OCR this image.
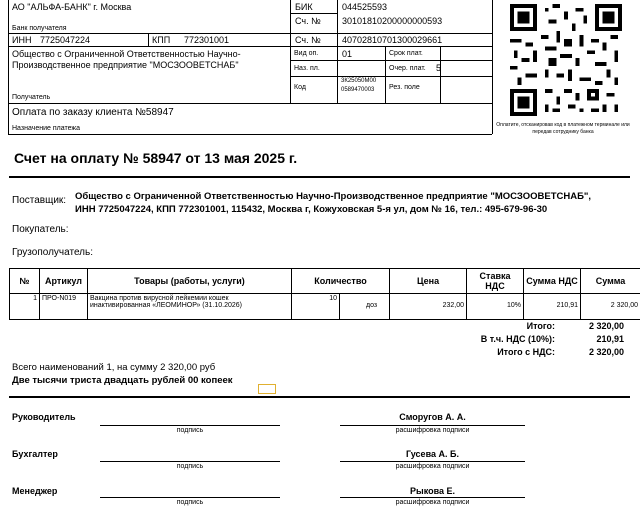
АО "АЛЬФА-БАНК" г. Москва
Банк получателя
БИК	044525593
Сч. № 30101810200000000593
ИНН 7725047224	КПП 772301001	Сч. № 40702810701300029661
Общество с Ограниченной Ответственностью Научно-Производственное предприятие "МОСЗООВЕТСНАБ"
Получатель
Вид оп.	01	Срок плат.
Наз. пл.	Очер. плат. 5
Код
3К25050М00 0589470003	Рез. поле
Оплата по заказу клиента №58947
Назначение платежа	Оплатите, отсканировав код в платежном терминале или передав сотруднику банка
Счет на оплату № 58947 от 13 мая 2025 г.
Поставщик: Общество с Ограниченной Ответственностью Научно-Производственное предприятие "МОСЗООВЕТСНАБ", ИНН 7725047224, КПП 772301001, 115432, Москва г, Кожуховская 5-я ул, дом № 16, тел.: 495-679-96-30
Покупатель:
Грузополучатель:
№	Артикул	Товары (работы, услуги)	Количество		Цена	Ставка НДС	Сумма НДС	Сумма
1	ПРО-N019	Вакцина против вирусной лейкемии кошек инактивированная «ЛЕОМИНОР» (31.10.2026)	10	доз	232,00	10%	210,91	2 320,00
Итого:	2 320,00
В т.ч. НДС (10%):	210,91
Итого с НДС:	2 320,00
Всего наименований 1, на сумму 2 320,00 руб
Две тысячи триста двадцать рублей 00 копеек
Руководитель
подпись
Сморугов А. А.
расшифровка подписи
Бухгалтер
подпись
Гусева А. Б.
расшифровка подписи
Менеджер
подпись
Рыкова Е.
расшифровка подписи
